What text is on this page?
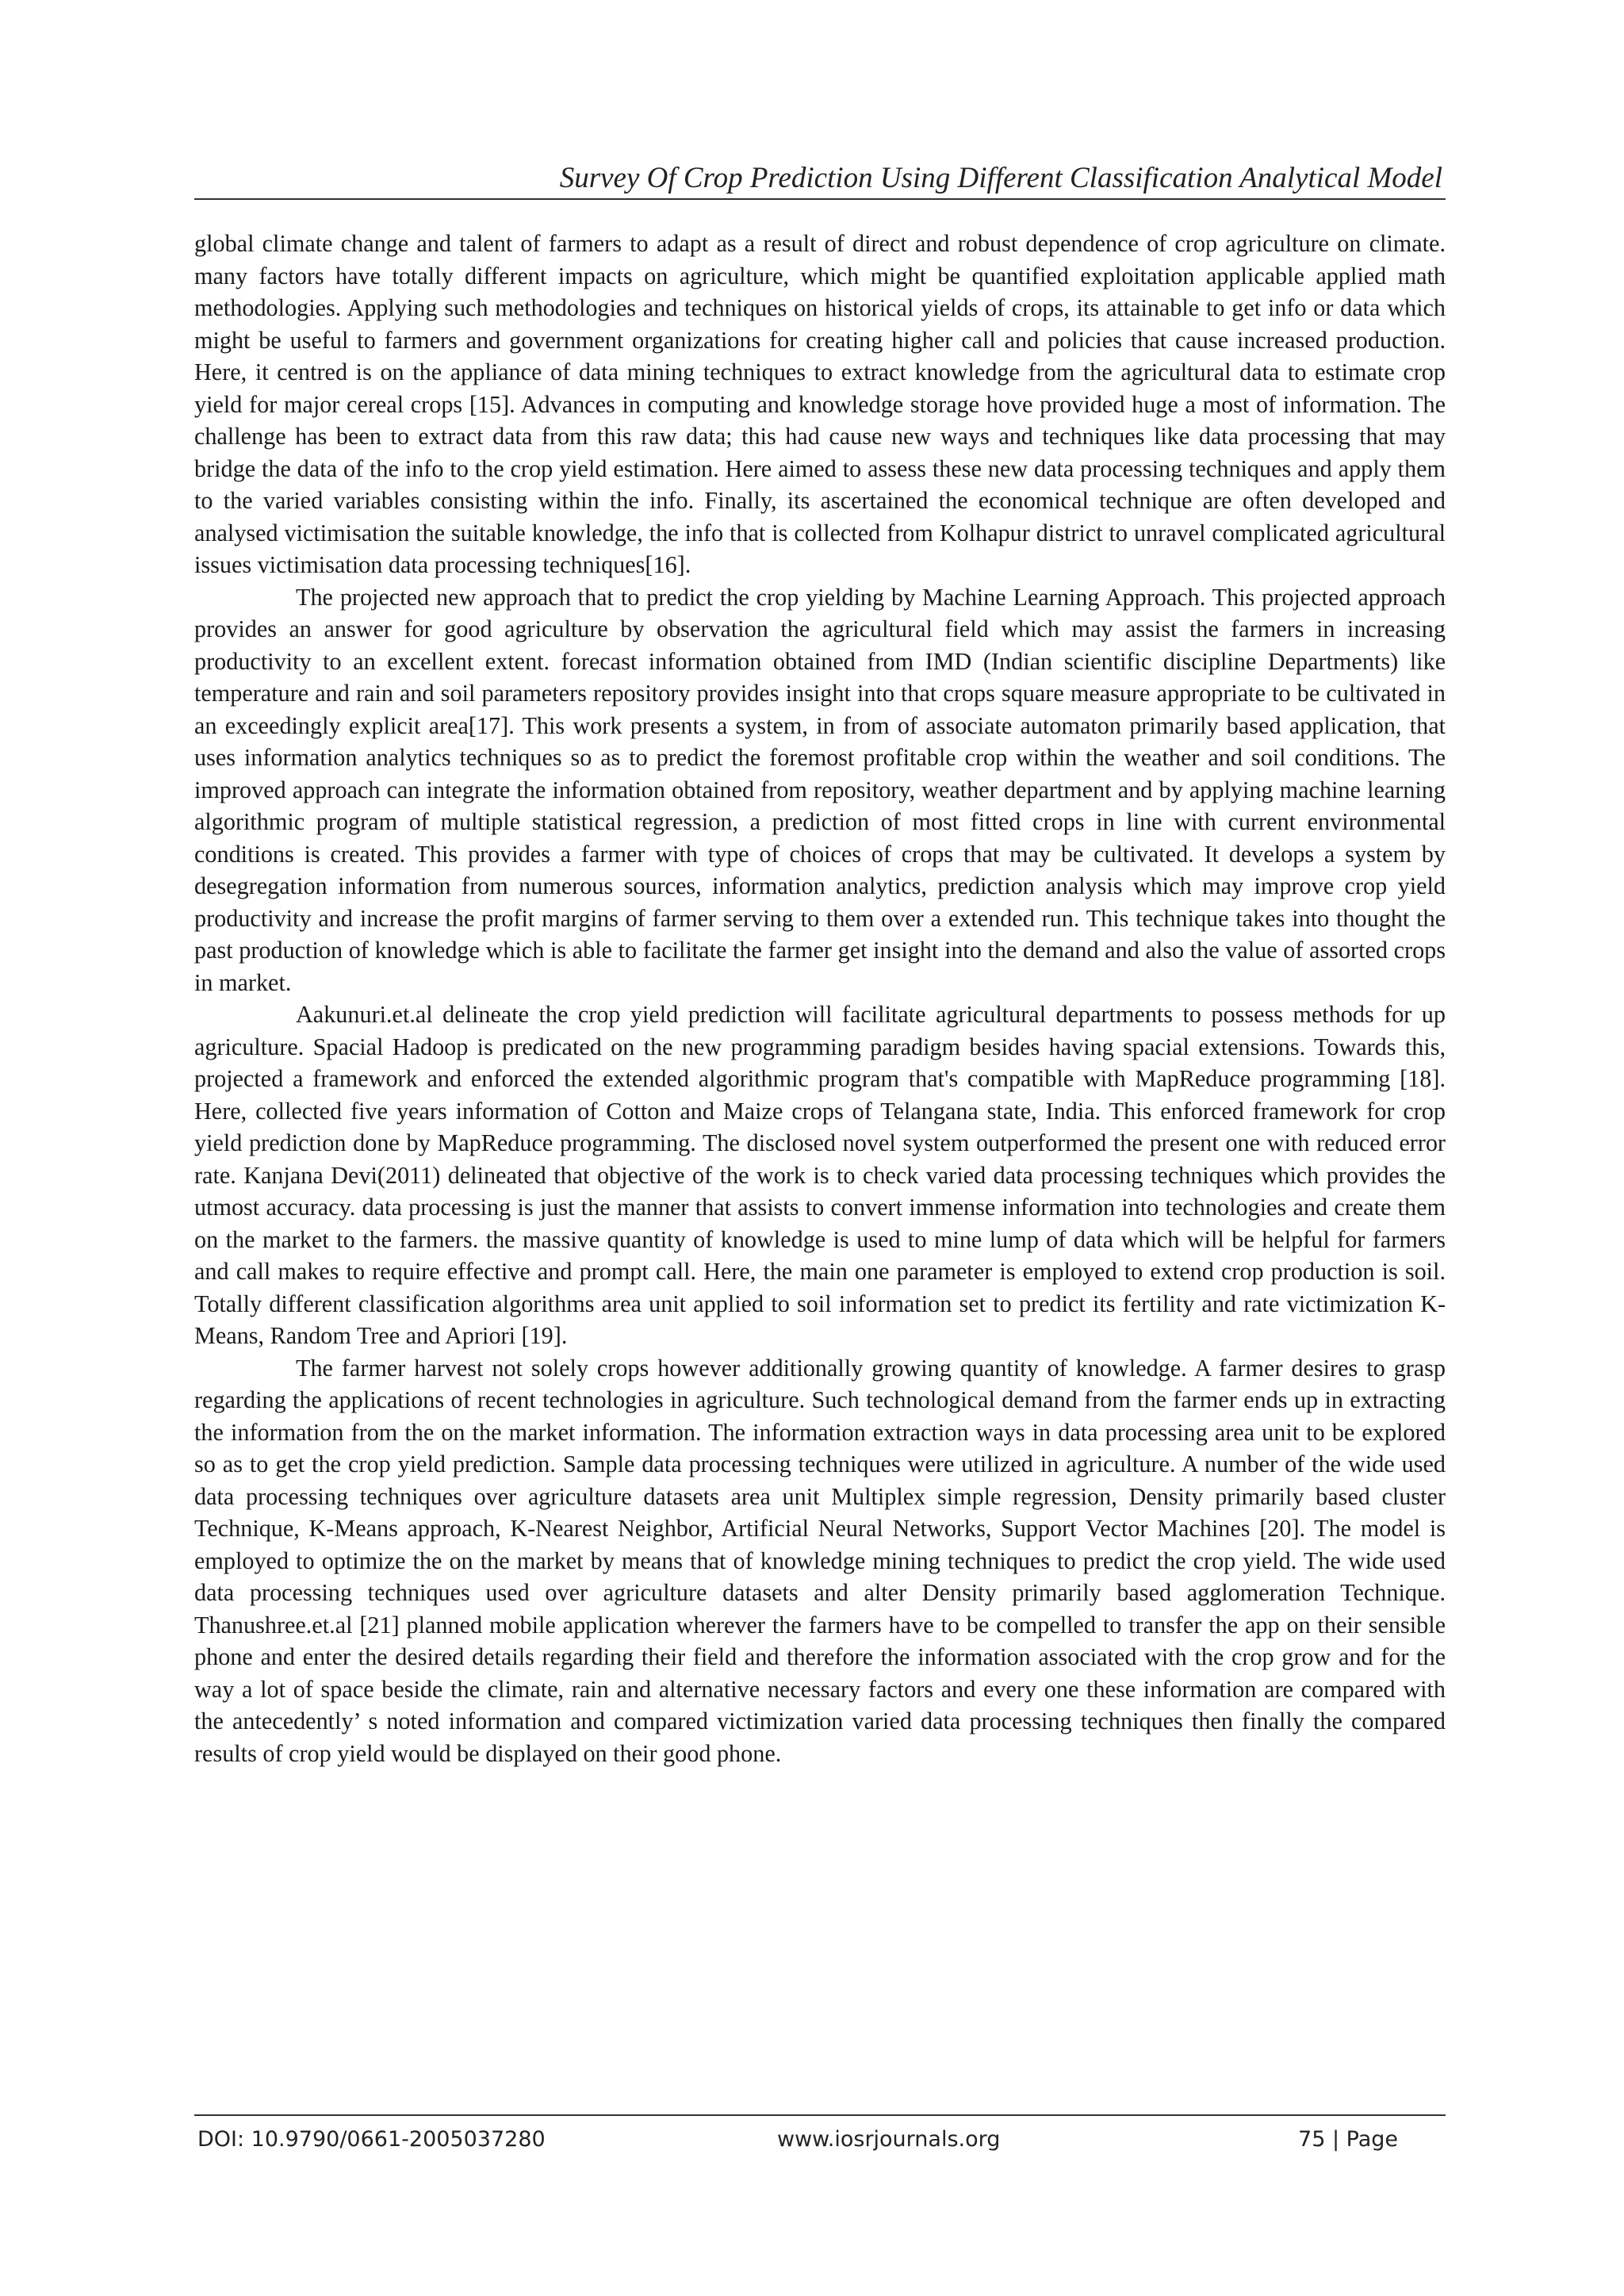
Survey Of Crop Prediction Using Different Classification Analytical Model

global climate change and talent of farmers to adapt as a result of direct and robust dependence of crop agriculture on climate. many factors have totally different impacts on agriculture, which might be quantified exploitation applicable applied math methodologies. Applying such methodologies and techniques on historical yields of crops, its attainable to get info or data which might be useful to farmers and government organizations for creating higher call and policies that cause increased production. Here, it centred is on the appliance of data mining techniques to extract knowledge from the agricultural data to estimate crop yield for major cereal crops [15]. Advances in computing and knowledge storage hove provided huge a most of information. The challenge has been to extract data from this raw data; this had cause new ways and techniques like data processing that may bridge the data of the info to the crop yield estimation. Here aimed to assess these new data processing techniques and apply them to the varied variables consisting within the info. Finally, its ascertained the economical technique are often developed and analysed victimisation the suitable knowledge, the info that is collected from Kolhapur district to unravel complicated agricultural issues victimisation data processing techniques[16].

The projected new approach that to predict the crop yielding by Machine Learning Approach. This projected approach provides an answer for good agriculture by observation the agricultural field which may assist the farmers in increasing productivity to an excellent extent. forecast information obtained from IMD (Indian scientific discipline Departments) like temperature and rain and soil parameters repository provides insight into that crops square measure appropriate to be cultivated in an exceedingly explicit area[17]. This work presents a system, in from of associate automaton primarily based application, that uses information analytics techniques so as to predict the foremost profitable crop within the weather and soil conditions. The improved approach can integrate the information obtained from repository, weather department and by applying machine learning algorithmic program of multiple statistical regression, a prediction of most fitted crops in line with current environmental conditions is created. This provides a farmer with type of choices of crops that may be cultivated. It develops a system by desegregation information from numerous sources, information analytics, prediction analysis which may improve crop yield productivity and increase the profit margins of farmer serving to them over a extended run. This technique takes into thought the past production of knowledge which is able to facilitate the farmer get insight into the demand and also the value of assorted crops in market.

Aakunuri.et.al delineate the crop yield prediction will facilitate agricultural departments to possess methods for up agriculture. Spacial Hadoop is predicated on the new programming paradigm besides having spacial extensions. Towards this, projected a framework and enforced the extended algorithmic program that's compatible with MapReduce programming [18]. Here, collected five years information of Cotton and Maize crops of Telangana state, India. This enforced framework for crop yield prediction done by MapReduce programming. The disclosed novel system outperformed the present one with reduced error rate. Kanjana Devi(2011) delineated that objective of the work is to check varied data processing techniques which provides the utmost accuracy. data processing is just the manner that assists to convert immense information into technologies and create them on the market to the farmers. the massive quantity of knowledge is used to mine lump of data which will be helpful for farmers and call makes to require effective and prompt call. Here, the main one parameter is employed to extend crop production is soil. Totally different classification algorithms area unit applied to soil information set to predict its fertility and rate victimization K-Means, Random Tree and Apriori [19].

The farmer harvest not solely crops however additionally growing quantity of knowledge. A farmer desires to grasp regarding the applications of recent technologies in agriculture. Such technological demand from the farmer ends up in extracting the information from the on the market information. The information extraction ways in data processing area unit to be explored so as to get the crop yield prediction. Sample data processing techniques were utilized in agriculture. A number of the wide used data processing techniques over agriculture datasets area unit Multiplex simple regression, Density primarily based cluster Technique, K-Means approach, K-Nearest Neighbor, Artificial Neural Networks, Support Vector Machines [20]. The model is employed to optimize the on the market by means that of knowledge mining techniques to predict the crop yield. The wide used data processing techniques used over agriculture datasets and alter Density primarily based agglomeration Technique. Thanushree.et.al [21] planned mobile application wherever the farmers have to be compelled to transfer the app on their sensible phone and enter the desired details regarding their field and therefore the information associated with the crop grow and for the way a lot of space beside the climate, rain and alternative necessary factors and every one these information are compared with the antecedently’ s noted information and compared victimization varied data processing techniques then finally the compared results of crop yield would be displayed on their good phone.

DOI: 10.9790/0661-2005037280	www.iosrjournals.org	75 | Page
